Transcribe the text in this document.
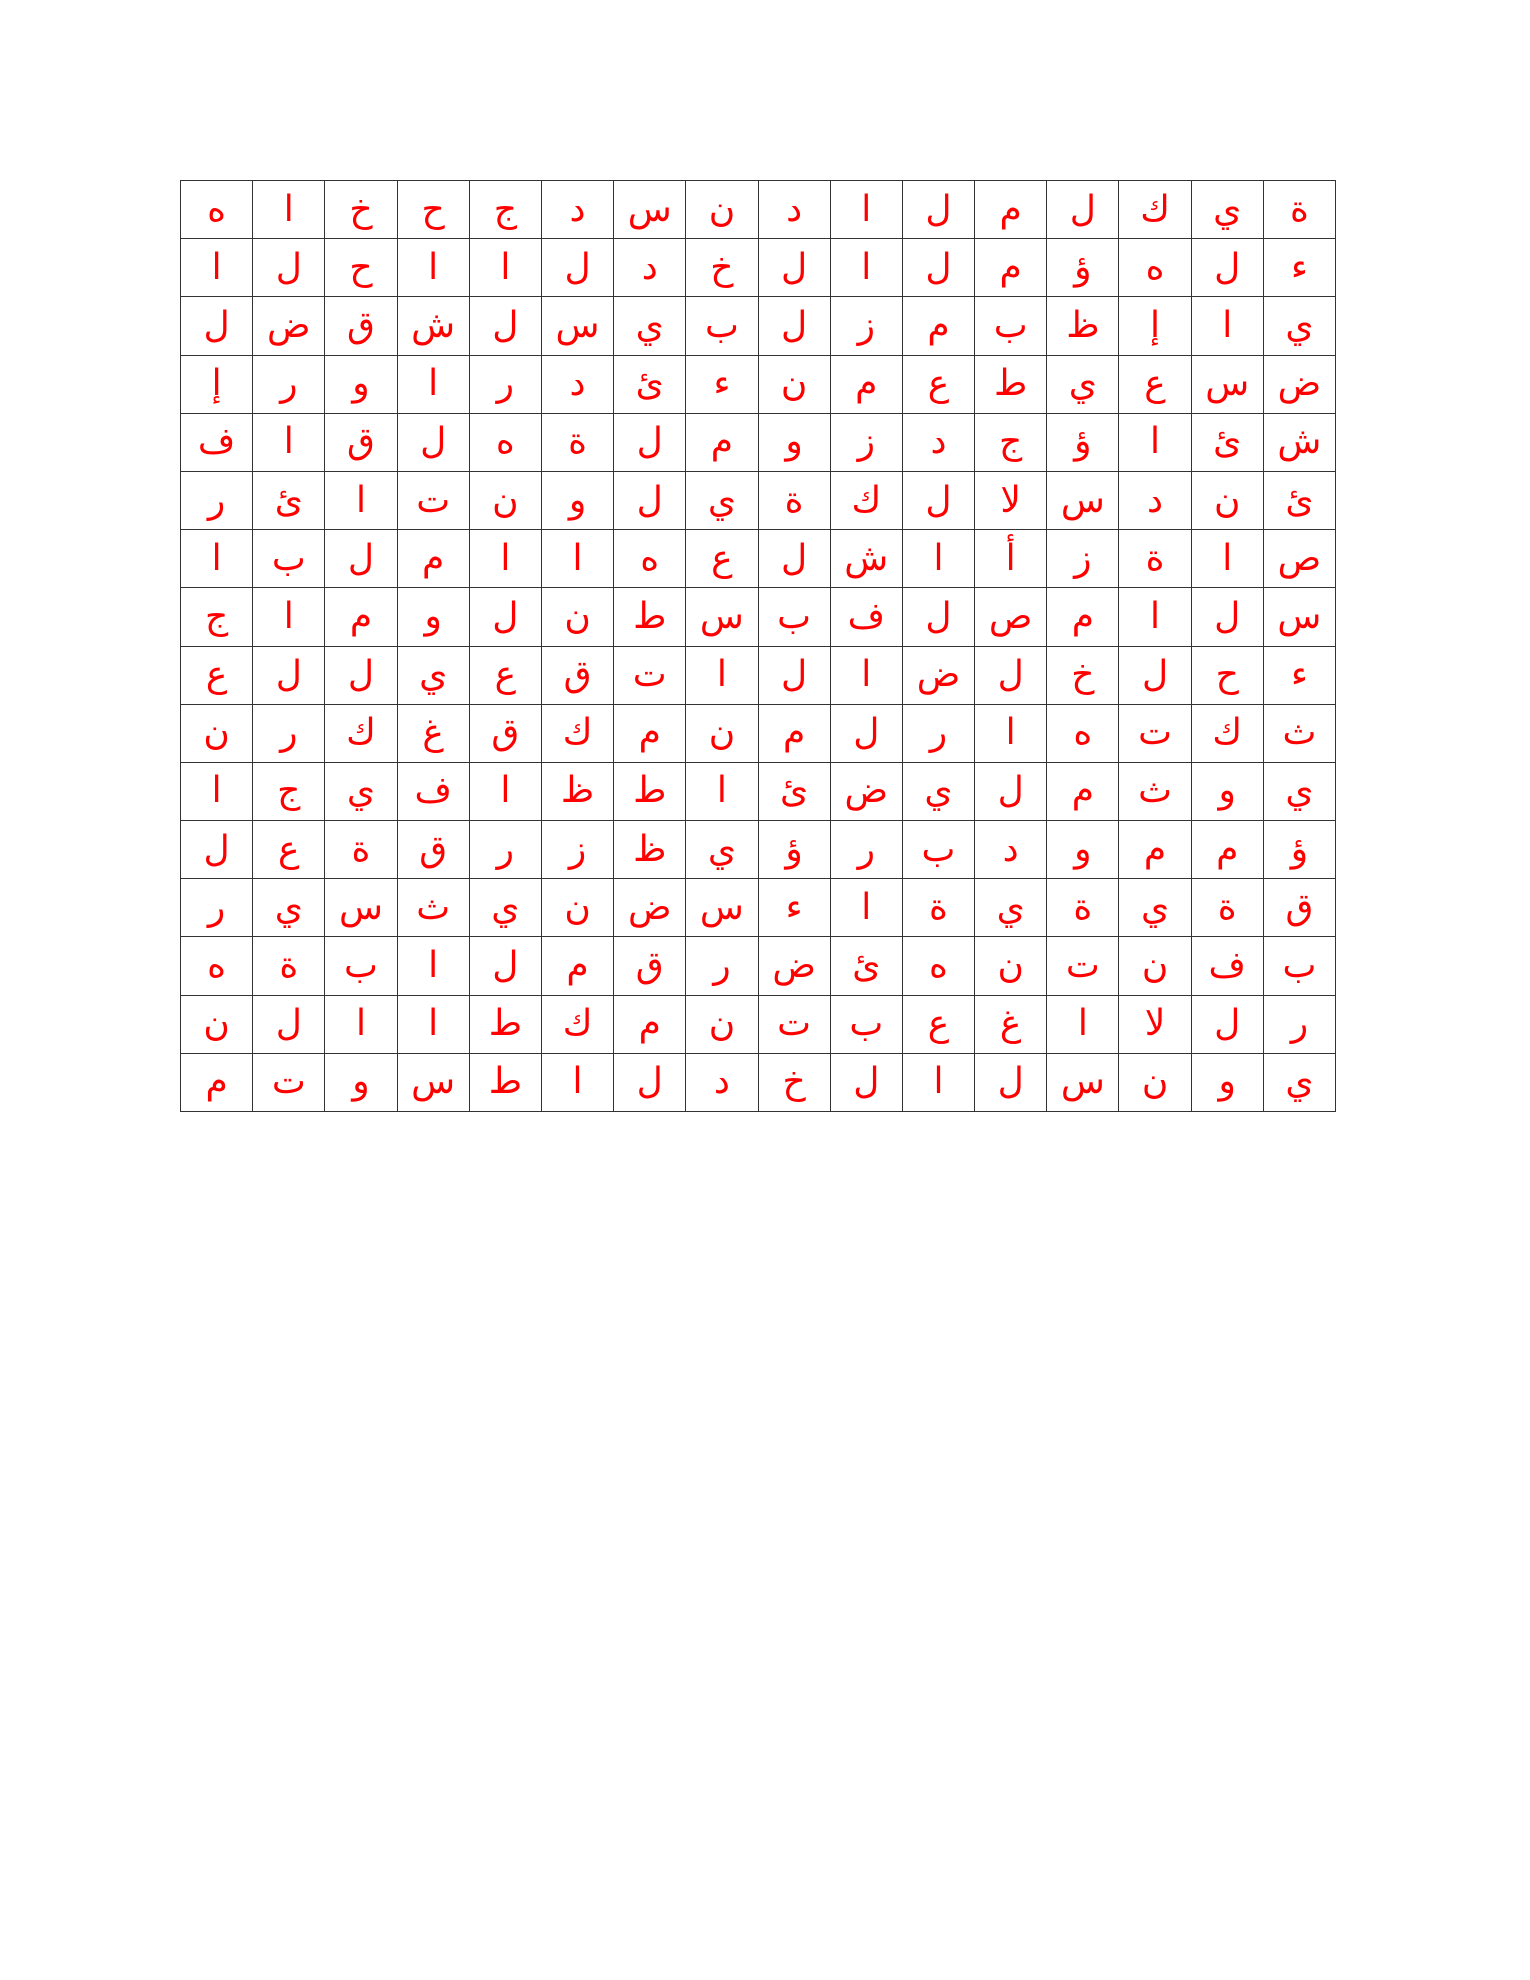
ه	ا	خ	ح	ج	د	س	ن	د	ا	ل	م	ل	ك	ي	ة
ا	ل	ح	ا	ا	ل	د	خ	ل	ا	ل	م	ؤ	ه	ل	ء
ل	ض	ق	ش	ل	س	ي	ب	ل	ز	م	ب	ظ	إ	ا	ي
إ	ر	و	ا	ر	د	ئ	ء	ن	م	ع	ط	ي	ع	س	ض
ف	ا	ق	ل	ه	ة	ل	م	و	ز	د	ج	ؤ	ا	ئ	ش
ر	ئ	ا	ت	ن	و	ل	ي	ة	ك	ل	لا	س	د	ن	ئ
ا	ب	ل	م	ا	ا	ه	ع	ل	ش	ا	أ	ز	ة	ا	ص
ج	ا	م	و	ل	ن	ط	س	ب	ف	ل	ص	م	ا	ل	س
ع	ل	ل	ي	ع	ق	ت	ا	ل	ا	ض	ل	خ	ل	ح	ء
ن	ر	ك	غ	ق	ك	م	ن	م	ل	ر	ا	ه	ت	ك	ث
ا	ج	ي	ف	ا	ظ	ط	ا	ئ	ض	ي	ل	م	ث	و	ي
ل	ع	ة	ق	ر	ز	ظ	ي	ؤ	ر	ب	د	و	م	م	ؤ
ر	ي	س	ث	ي	ن	ض	س	ء	ا	ة	ي	ة	ي	ة	ق
ه	ة	ب	ا	ل	م	ق	ر	ض	ئ	ه	ن	ت	ن	ف	ب
ن	ل	ا	ا	ط	ك	م	ن	ت	ب	ع	غ	ا	لا	ل	ر
م	ت	و	س	ط	ا	ل	د	خ	ل	ا	ل	س	ن	و	ي
